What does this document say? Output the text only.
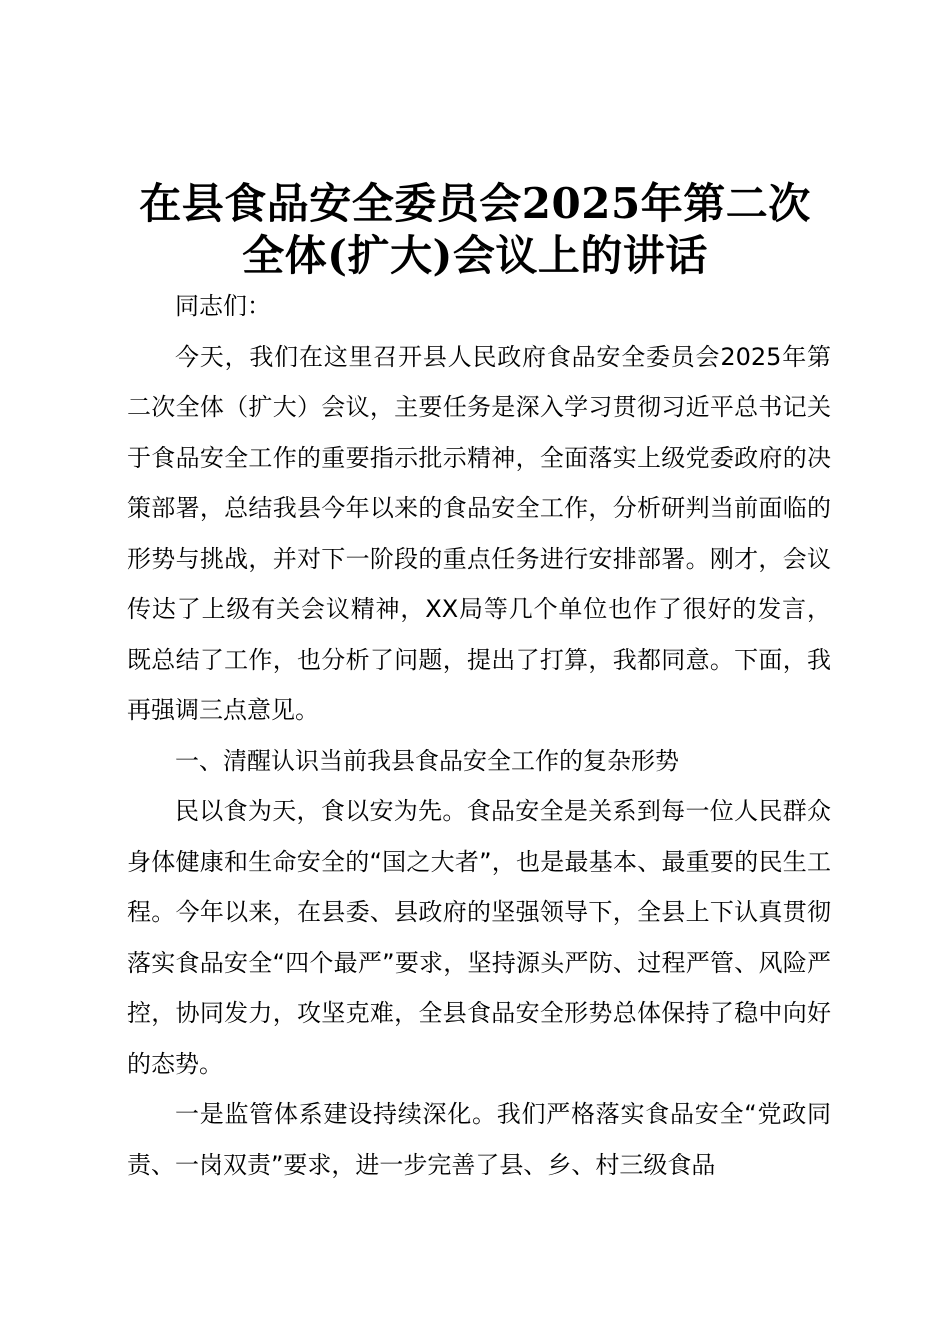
在县食品安全委员会2025年第二次全体(扩大)会议上的讲话

同志们：

今天，我们在这里召开县人民政府食品安全委员会2025年第二次全体（扩大）会议，主要任务是深入学习贯彻习近平总书记关于食品安全工作的重要指示批示精神，全面落实上级党委政府的决策部署，总结我县今年以来的食品安全工作，分析研判当前面临的形势与挑战，并对下一阶段的重点任务进行安排部署。刚才，会议传达了上级有关会议精神，XX局等几个单位也作了很好的发言，既总结了工作，也分析了问题，提出了打算，我都同意。下面，我再强调三点意见。

一、清醒认识当前我县食品安全工作的复杂形势

民以食为天，食以安为先。食品安全是关系到每一位人民群众身体健康和生命安全的“国之大者”，也是最基本、最重要的民生工程。今年以来，在县委、县政府的坚强领导下，全县上下认真贯彻落实食品安全“四个最严”要求，坚持源头严防、过程严管、风险严控，协同发力，攻坚克难，全县食品安全形势总体保持了稳中向好的态势。

一是监管体系建设持续深化。我们严格落实食品安全“党政同责、一岗双责”要求，进一步完善了县、乡、村三级食品
